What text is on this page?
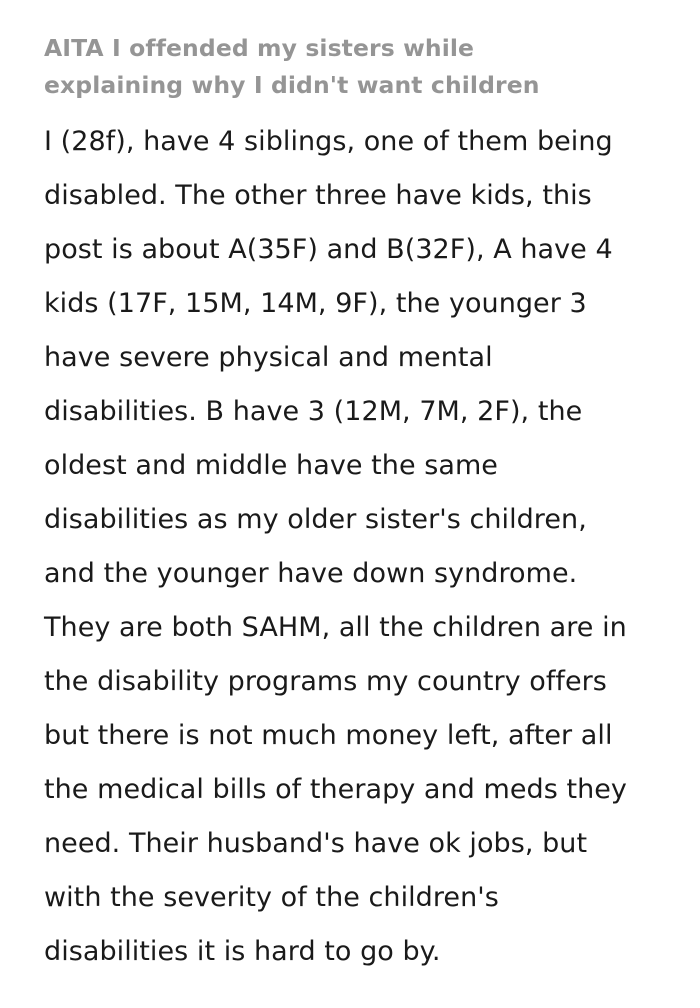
AITA I offended my sisters while
explaining why I didn't want children
I (28f), have 4 siblings, one of them being
disabled. The other three have kids, this
post is about A(35F) and B(32F), A have 4
kids (17F, 15M, 14M, 9F), the younger 3
have severe physical and mental
disabilities. B have 3 (12M, 7M, 2F), the
oldest and middle have the same
disabilities as my older sister's children,
and the younger have down syndrome.
They are both SAHM, all the children are in
the disability programs my country offers
but there is not much money left, after all
the medical bills of therapy and meds they
need. Their husband's have ok jobs, but
with the severity of the children's
disabilities it is hard to go by.
